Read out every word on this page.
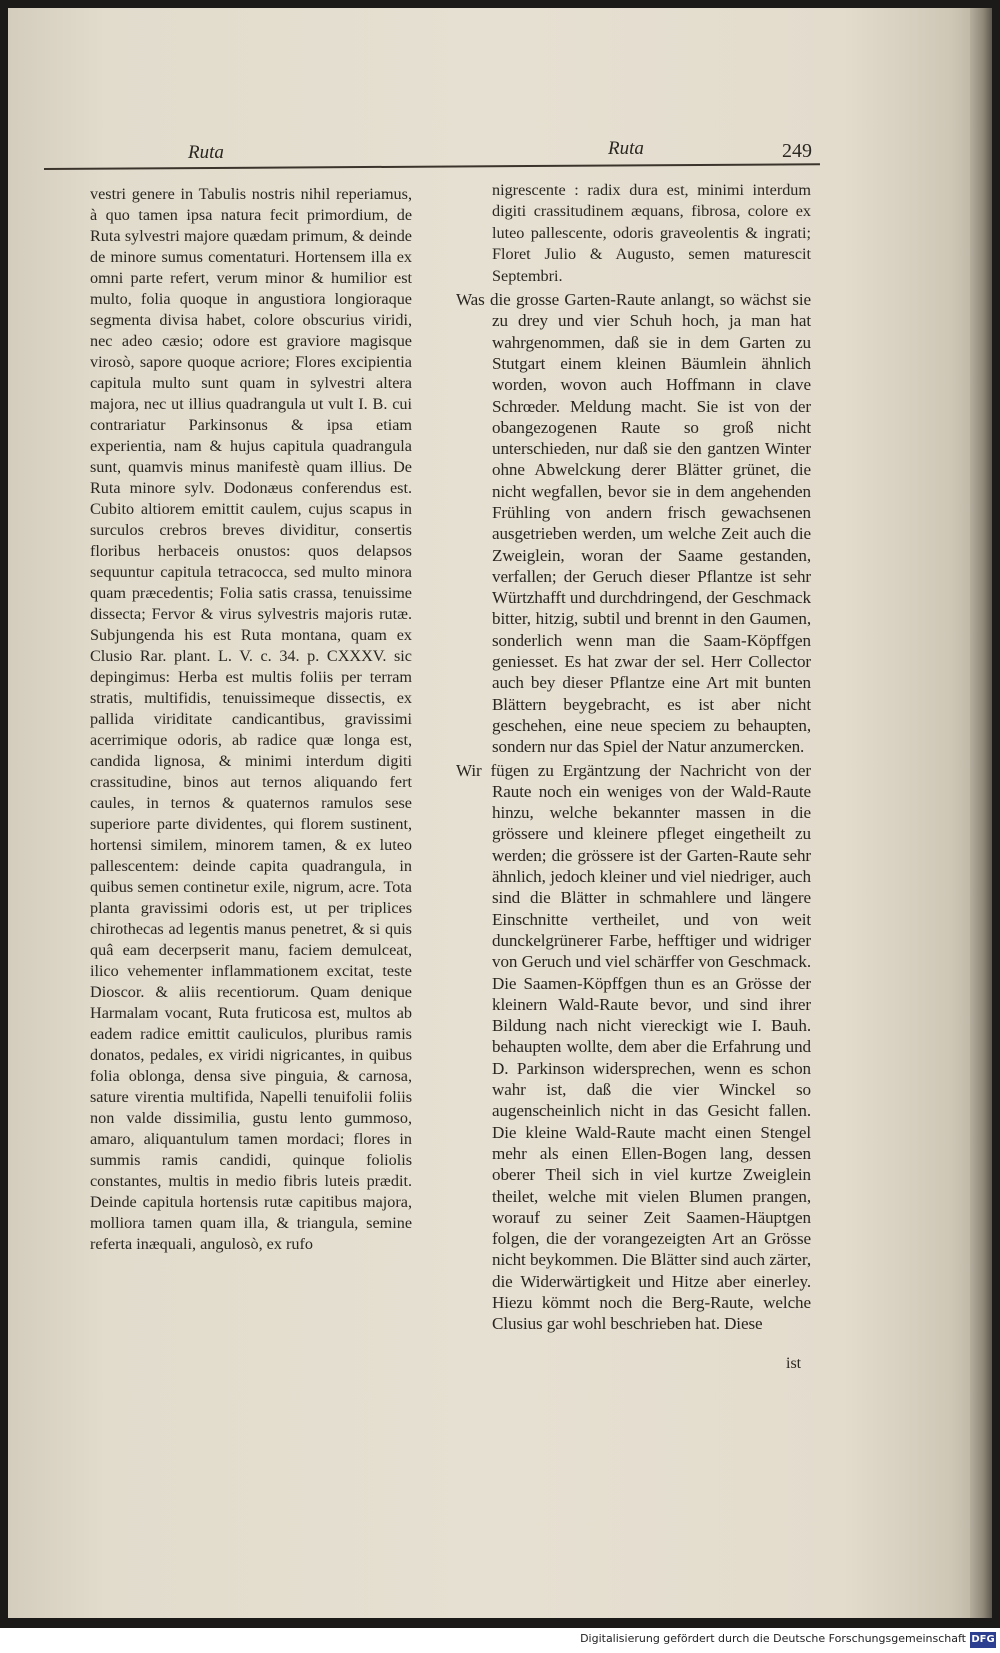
Ruta	Ruta	249

vestri genere in Tabulis nostris nihil reperiamus, à quo tamen ipsa natura fecit primordium, de Ruta sylvestri majore quædam primum, & deinde de minore sumus comentaturi. Hortensem illa ex omni parte refert, verum minor & humilior est multo, folia quoque in angustiora longioraque segmenta divisa habet, colore obscurius viridi, nec adeo cæsio; odore est graviore magisque virosò, sapore quoque acriore; Flores excipientia capitula multo sunt quam in sylvestri altera majora, nec ut illius quadrangula ut vult I. B. cui contrariatur Parkinsonus & ipsa etiam experientia, nam & hujus capitula quadrangula sunt, quamvis minus manifestè quam illius. De Ruta minore sylv. Dodonæus conferendus est. Cubito altiorem emittit caulem, cujus scapus in surculos crebros breves dividitur, consertis floribus herbaceis onustos: quos delapsos sequuntur capitula tetracocca, sed multo minora quam præcedentis; Folia satis crassa, tenuissime dissecta; Fervor & virus sylvestris majoris rutæ. Subjungenda his est Ruta montana, quam ex Clusio Rar. plant. L. V. c. 34. p. CXXXV. sic depingimus: Herba est multis foliis per terram stratis, multifidis, tenuissimeque dissectis, ex pallida viriditate candicantibus, gravissimi acerrimique odoris, ab radice quæ longa est, candida lignosa, & minimi interdum digiti crassitudine, binos aut ternos aliquando fert caules, in ternos & quaternos ramulos sese superiore parte dividentes, qui florem sustinent, hortensi similem, minorem tamen, & ex luteo pallescentem: deinde capita quadrangula, in quibus semen continetur exile, nigrum, acre. Tota planta gravissimi odoris est, ut per triplices chirothecas ad legentis manus penetret, & si quis quâ eam decerpserit manu, faciem demulceat, ilico vehementer inflammationem excitat, teste Dioscor. & aliis recentiorum. Quam denique Harmalam vocant, Ruta fruticosa est, multos ab eadem radice emittit cauliculos, pluribus ramis donatos, pedales, ex viridi nigricantes, in quibus folia oblonga, densa sive pinguia, & carnosa, sature virentia multifida, Napelli tenuifolii foliis non valde dissimilia, gustu lento gummoso, amaro, aliquantulum tamen mordaci; flores in summis ramis candidi, quinque foliolis constantes, multis in medio fibris luteis prædit. Deinde capitula hortensis rutæ capitibus majora, molliora tamen quam illa, & triangula, semine referta inæquali, angulosò, ex rufo

nigrescente : radix dura est, minimi interdum digiti crassitudinem æquans, fibrosa, colore ex luteo pallescente, odoris graveolentis & ingrati; Floret Julio & Augusto, semen maturescit Septembri.

Was die grosse Garten-Raute anlangt, so wächst sie zu drey und vier Schuh hoch, ja man hat wahrgenommen, daß sie in dem Garten zu Stutgart einem kleinen Bäumlein ähnlich worden, wovon auch Hoffmann in clave Schrœder. Meldung macht. Sie ist von der obangezogenen Raute so groß nicht unterschieden, nur daß sie den gantzen Winter ohne Abwelckung derer Blätter grünet, die nicht wegfallen, bevor sie in dem angehenden Frühling von andern frisch gewachsenen ausgetrieben werden, um welche Zeit auch die Zweiglein, woran der Saame gestanden, verfallen; der Geruch dieser Pflantze ist sehr Würtzhafft und durchdringend, der Geschmack bitter, hitzig, subtil und brennt in den Gaumen, sonderlich wenn man die Saam-Köpffgen geniesset. Es hat zwar der sel. Herr Collector auch bey dieser Pflantze eine Art mit bunten Blättern beygebracht, es ist aber nicht geschehen, eine neue speciem zu behaupten, sondern nur das Spiel der Natur anzumercken.

Wir fügen zu Ergäntzung der Nachricht von der Raute noch ein weniges von der Wald-Raute hinzu, welche bekannter massen in die grössere und kleinere pfleget eingetheilt zu werden; die grössere ist der Garten-Raute sehr ähnlich, jedoch kleiner und viel niedriger, auch sind die Blätter in schmahlere und längere Einschnitte vertheilet, und von weit dunckelgrünerer Farbe, hefftiger und widriger von Geruch und viel schärffer von Geschmack. Die Saamen-Köpffgen thun es an Grösse der kleinern Wald-Raute bevor, und sind ihrer Bildung nach nicht viereckigt wie I. Bauh. behaupten wollte, dem aber die Erfahrung und D. Parkinson widersprechen, wenn es schon wahr ist, daß die vier Winckel so augenscheinlich nicht in das Gesicht fallen. Die kleine Wald-Raute macht einen Stengel mehr als einen Ellen-Bogen lang, dessen oberer Theil sich in viel kurtze Zweiglein theilet, welche mit vielen Blumen prangen, worauf zu seiner Zeit Saamen-Häuptgen folgen, die der vorangezeigten Art an Grösse nicht beykommen. Die Blätter sind auch zärter, die Widerwärtigkeit und Hitze aber einerley. Hiezu kömmt noch die Berg-Raute, welche Clusius gar wohl beschrieben hat. Diese

ist
Digitalisierung gefördert durch die Deutsche Forschungsgemeinschaft DFG
